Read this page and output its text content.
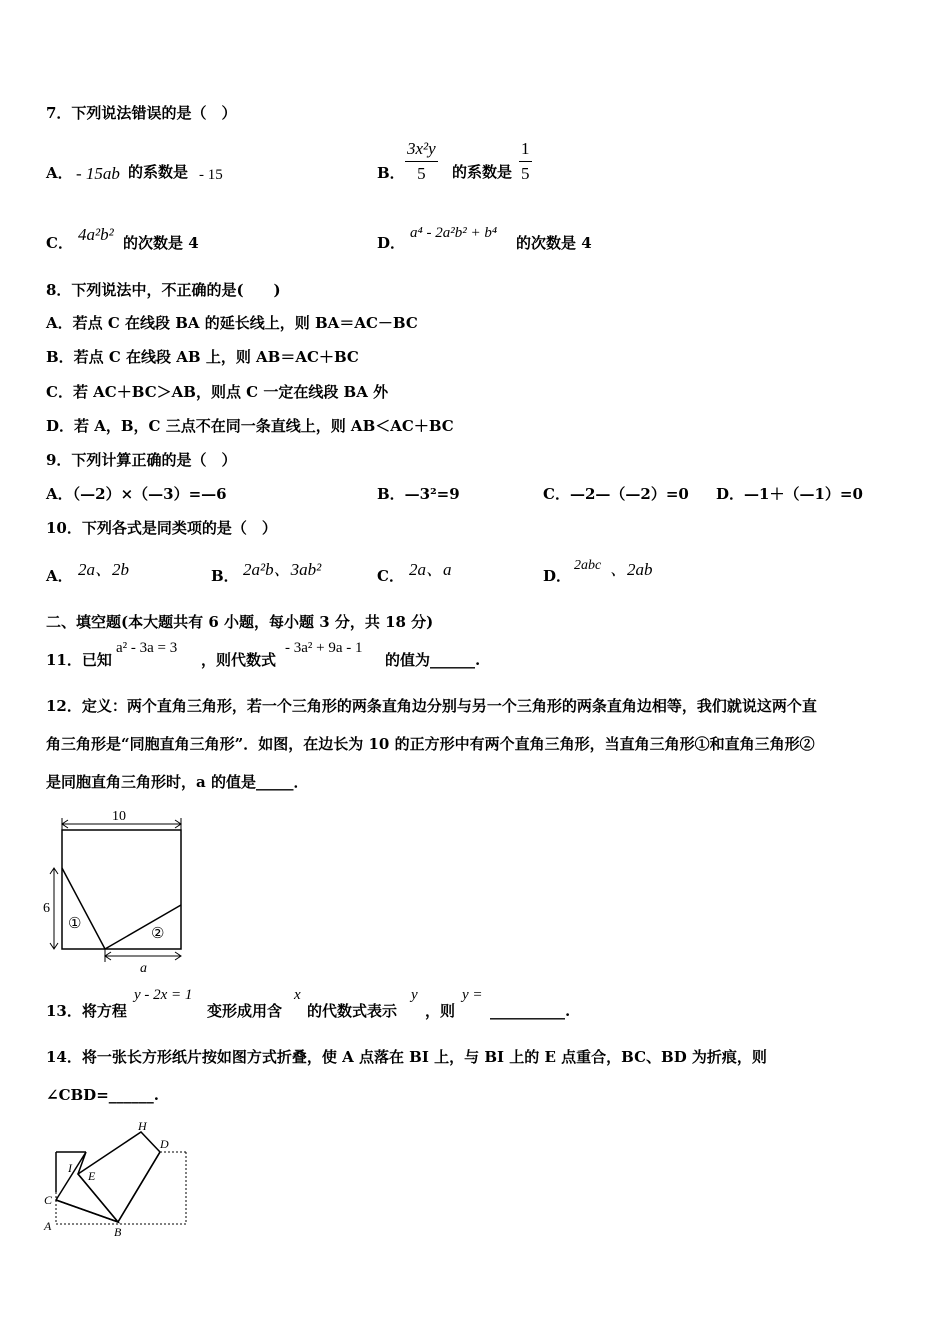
7．下列说法错误的是（　）
A． - 15ab 的系数是 - 15	B． $\frac{\text{3x²y}}{5}$ 的系数是 $\frac{1}{5}$
C． 4a²b² 的次数是 4	D．
a⁴ - 2a²b² + b⁴
的次数是 4
8．下列说法中，不正确的是(　　)
A．若点 C 在线段 BA 的延长线上，则 BA＝AC－BC
B．若点 C 在线段 AB 上，则 AB＝AC＋BC
C．若 AC＋BC＞AB，则点 C 一定在线段 BA 外
D．若 A，B，C 三点不在同一条直线上，则 AB＜AC＋BC
9．下列计算正确的是（　）
A．（—2）×（—3）=—6	B．—3²=9	C．—2—（—2）=0 D．—1＋（—1）=0
10．下列各式是同类项的是（　）
A． 2a、2b	B． 2a²b、3ab²	C． 2a、a	D．
2abc 、2ab
二、填空题(本大题共有 6 小题，每小题 3 分，共 18 分)
11．已知
a² - 3a = 3
，则代数式
- 3a² + 9a - 1
的值为______.
12．定义：两个直角三角形，若一个三角形的两条直角边分别与另一个三角形的两条直角边相等，我们就说这两个直
角三角形是“同胞直角三角形”．如图，在边长为 10 的正方形中有两个直角三角形，当直角三角形①和直角三角形②
是同胞直角三角形时，a 的值是_____．
10
6
①
②
a
13．将方程
y - 2x = 1
变形成用含
x
的代数式表示
y
，则
y =
__________.
14．将一张长方形纸片按如图方式折叠，使 A 点落在 BI 上，与 BI 上的 E 点重合，BC、BD 为折痕，则
∠CBD=______.
H
D
I
E
C
A	B
